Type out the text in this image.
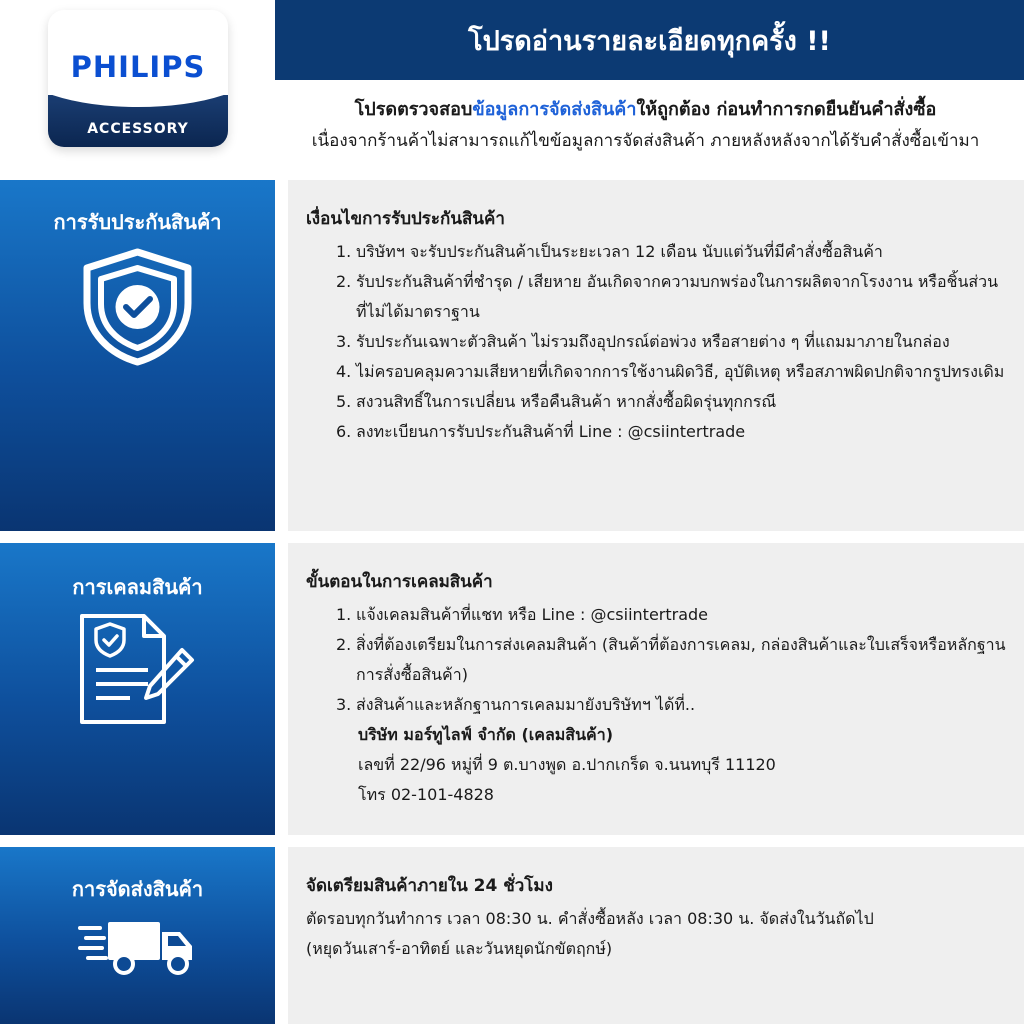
PHILIPS
ACCESSORY
โปรดอ่านรายละเอียดทุกครั้ง !!
โปรดตรวจสอบข้อมูลการจัดส่งสินค้าให้ถูกต้อง ก่อนทำการกดยืนยันคำสั่งซื้อ
เนื่องจากร้านค้าไม่สามารถแก้ไขข้อมูลการจัดส่งสินค้า ภายหลังหลังจากได้รับคำสั่งซื้อเข้ามา
การรับประกันสินค้า	เงื่อนไขการรับประกันสินค้า
1. บริษัทฯ จะรับประกันสินค้าเป็นระยะเวลา 12 เดือน นับแต่วันที่มีคำสั่งซื้อสินค้า
2. รับประกันสินค้าที่ชำรุด / เสียหาย อันเกิดจากความบกพร่องในการผลิตจากโรงงาน หรือชิ้นส่วนที่ไม่ได้มาตราฐาน
3. รับประกันเฉพาะตัวสินค้า ไม่รวมถึงอุปกรณ์ต่อพ่วง หรือสายต่าง ๆ ที่แถมมาภายในกล่อง
4. ไม่ครอบคลุมความเสียหายที่เกิดจากการใช้งานผิดวิธี, อุบัติเหตุ หรือสภาพผิดปกติจากรูปทรงเดิม
5. สงวนสิทธิ์ในการเปลี่ยน หรือคืนสินค้า หากสั่งซื้อผิดรุ่นทุกกรณี
6. ลงทะเบียนการรับประกันสินค้าที่ Line : @csiintertrade
การเคลมสินค้า	ขั้นตอนในการเคลมสินค้า
1. แจ้งเคลมสินค้าที่แชท หรือ Line : @csiintertrade
2. สิ่งที่ต้องเตรียมในการส่งเคลมสินค้า (สินค้าที่ต้องการเคลม, กล่องสินค้าและใบเสร็จหรือหลักฐานการสั่งซื้อสินค้า)
3. ส่งสินค้าและหลักฐานการเคลมมายังบริษัทฯ ได้ที่..
บริษัท มอร์ทูไลฟ์ จำกัด (เคลมสินค้า)
เลขที่ 22/96 หมู่ที่ 9 ต.บางพูด อ.ปากเกร็ด จ.นนทบุรี 11120
โทร 02-101-4828
การจัดส่งสินค้า	จัดเตรียมสินค้าภายใน 24 ชั่วโมง
ตัดรอบทุกวันทำการ เวลา 08:30 น. คำสั่งซื้อหลัง เวลา 08:30 น. จัดส่งในวันถัดไป
(หยุดวันเสาร์-อาทิตย์ และวันหยุดนักขัตฤกษ์)
